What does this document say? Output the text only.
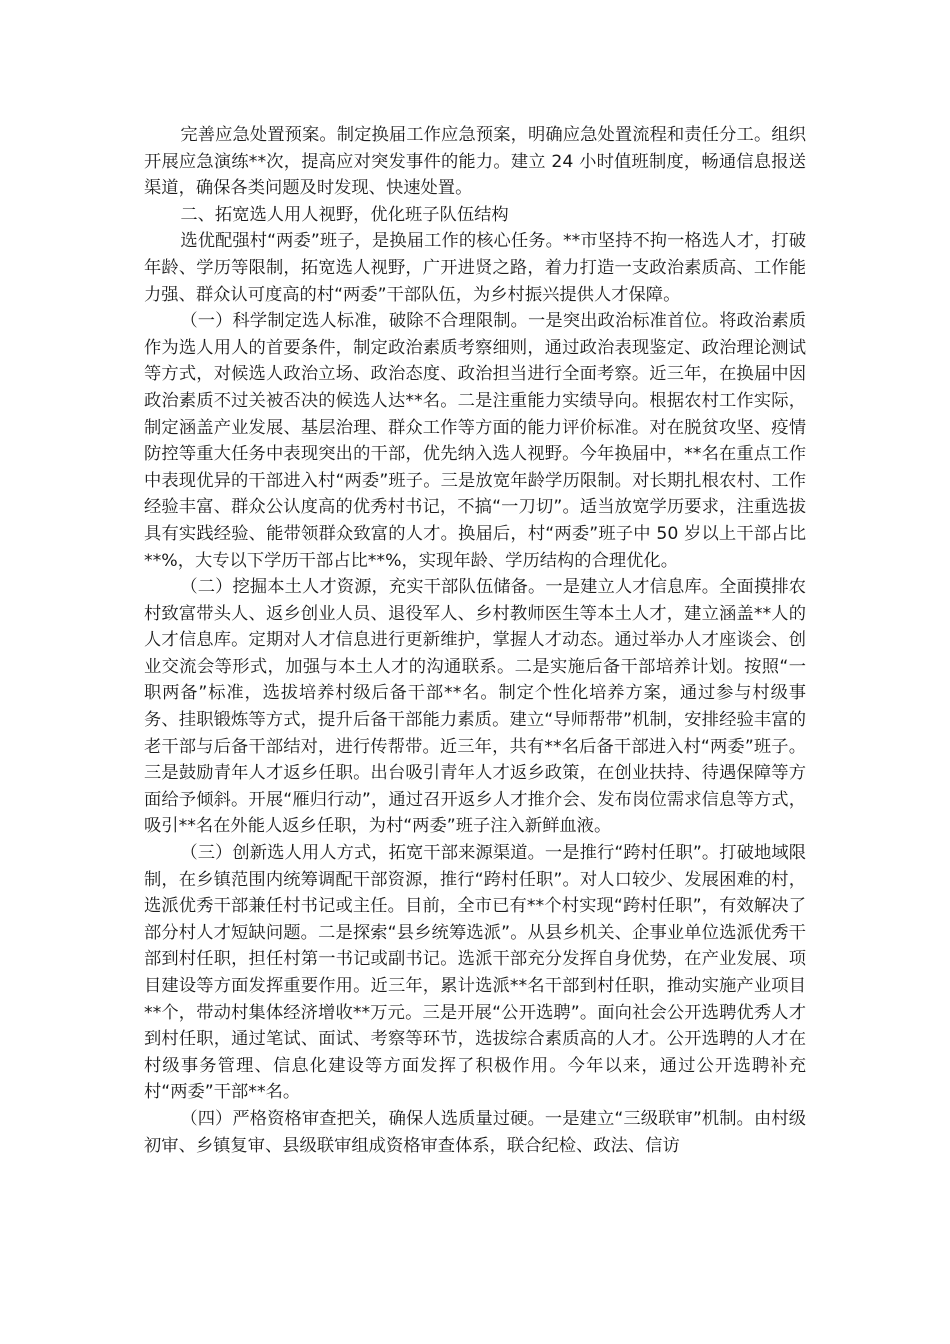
完善应急处置预案。制定换届工作应急预案，明确应急处置流程和责任分工。组织开展应急演练**次，提高应对突发事件的能力。建立 24 小时值班制度，畅通信息报送渠道，确保各类问题及时发现、快速处置。

二、拓宽选人用人视野，优化班子队伍结构

选优配强村“两委”班子，是换届工作的核心任务。**市坚持不拘一格选人才，打破年龄、学历等限制，拓宽选人视野，广开进贤之路，着力打造一支政治素质高、工作能力强、群众认可度高的村“两委”干部队伍，为乡村振兴提供人才保障。

（一）科学制定选人标准，破除不合理限制。一是突出政治标准首位。将政治素质作为选人用人的首要条件，制定政治素质考察细则，通过政治表现鉴定、政治理论测试等方式，对候选人政治立场、政治态度、政治担当进行全面考察。近三年，在换届中因政治素质不过关被否决的候选人达**名。二是注重能力实绩导向。根据农村工作实际，制定涵盖产业发展、基层治理、群众工作等方面的能力评价标准。对在脱贫攻坚、疫情防控等重大任务中表现突出的干部，优先纳入选人视野。今年换届中，**名在重点工作中表现优异的干部进入村“两委”班子。三是放宽年龄学历限制。对长期扎根农村、工作经验丰富、群众公认度高的优秀村书记，不搞“一刀切”。适当放宽学历要求，注重选拔具有实践经验、能带领群众致富的人才。换届后，村“两委”班子中 50 岁以上干部占比**%，大专以下学历干部占比**%，实现年龄、学历结构的合理优化。

（二）挖掘本土人才资源，充实干部队伍储备。一是建立人才信息库。全面摸排农村致富带头人、返乡创业人员、退役军人、乡村教师医生等本土人才，建立涵盖**人的人才信息库。定期对人才信息进行更新维护，掌握人才动态。通过举办人才座谈会、创业交流会等形式，加强与本土人才的沟通联系。二是实施后备干部培养计划。按照“一职两备”标准，选拔培养村级后备干部**名。制定个性化培养方案，通过参与村级事务、挂职锻炼等方式，提升后备干部能力素质。建立“导师帮带”机制，安排经验丰富的老干部与后备干部结对，进行传帮带。近三年，共有**名后备干部进入村“两委”班子。三是鼓励青年人才返乡任职。出台吸引青年人才返乡政策，在创业扶持、待遇保障等方面给予倾斜。开展“雁归行动”，通过召开返乡人才推介会、发布岗位需求信息等方式，吸引**名在外能人返乡任职，为村“两委”班子注入新鲜血液。

（三）创新选人用人方式，拓宽干部来源渠道。一是推行“跨村任职”。打破地域限制，在乡镇范围内统筹调配干部资源，推行“跨村任职”。对人口较少、发展困难的村，选派优秀干部兼任村书记或主任。目前，全市已有**个村实现“跨村任职”，有效解决了部分村人才短缺问题。二是探索“县乡统筹选派”。从县乡机关、企事业单位选派优秀干部到村任职，担任村第一书记或副书记。选派干部充分发挥自身优势，在产业发展、项目建设等方面发挥重要作用。近三年，累计选派**名干部到村任职，推动实施产业项目**个，带动村集体经济增收**万元。三是开展“公开选聘”。面向社会公开选聘优秀人才到村任职，通过笔试、面试、考察等环节，选拔综合素质高的人才。公开选聘的人才在村级事务管理、信息化建设等方面发挥了积极作用。今年以来，通过公开选聘补充村“两委”干部**名。

（四）严格资格审查把关，确保人选质量过硬。一是建立“三级联审”机制。由村级初审、乡镇复审、县级联审组成资格审查体系，联合纪检、政法、信访
